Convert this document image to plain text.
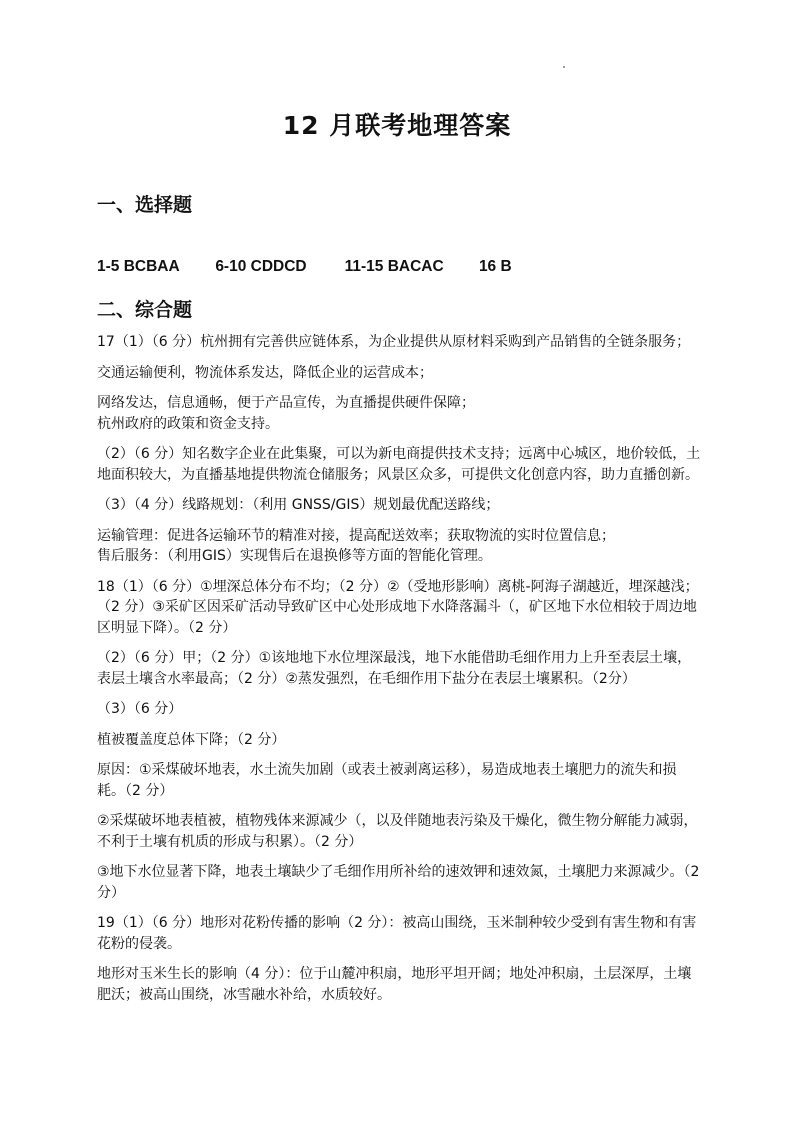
12 月联考地理答案
一、选择题
1-5 BCBAA 6-10 CDDCD 11-15 BACAC 16 B
二、综合题

17（1）（6 分）杭州拥有完善供应链体系，为企业提供从原材料采购到产品销售的全链条服务；

交通运输便利，物流体系发达，降低企业的运营成本；

网络发达，信息通畅，便于产品宣传，为直播提供硬件保障；

杭州政府的政策和资金支持。

（2）（6 分）知名数字企业在此集聚，可以为新电商提供技术支持；远离中心城区，地价较低，土地面积较大，为直播基地提供物流仓储服务；风景区众多，可提供文化创意内容，助力直播创新。

（3）（4 分）线路规划：（利用 GNSS/GIS）规划最优配送路线；

运输管理：促进各运输环节的精准对接，提高配送效率；获取物流的实时位置信息；

售后服务：（利用GIS）实现售后在退换修等方面的智能化管理。

18（1）（6 分）①埋深总体分布不均；（2 分）②（受地形影响）离桃-阿海子湖越近，埋深越浅；（2 分）③采矿区因采矿活动导致矿区中心处形成地下水降落漏斗（，矿区地下水位相较于周边地区明显下降）。（2 分）

（2）（6 分）甲；（2 分）①该地地下水位埋深最浅，地下水能借助毛细作用力上升至表层土壤，表层土壤含水率最高；（2 分）②蒸发强烈，在毛细作用下盐分在表层土壤累积。（2分）

（3）（6 分）

植被覆盖度总体下降；（2 分）

原因：①采煤破坏地表，水土流失加剧（或表土被剥离运移），易造成地表土壤肥力的流失和损耗。（2 分）

②采煤破坏地表植被，植物残体来源减少（，以及伴随地表污染及干燥化，微生物分解能力减弱，不利于土壤有机质的形成与积累）。（2 分）

③地下水位显著下降，地表土壤缺少了毛细作用所补给的速效钾和速效氮，土壤肥力来源减少。（2 分）

19（1）（6 分）地形对花粉传播的影响（2 分）：被高山围绕，玉米制种较少受到有害生物和有害花粉的侵袭。

地形对玉米生长的影响（4 分）：位于山麓冲积扇，地形平坦开阔；地处冲积扇，土层深厚，土壤肥沃；被高山围绕，冰雪融水补给，水质较好。
